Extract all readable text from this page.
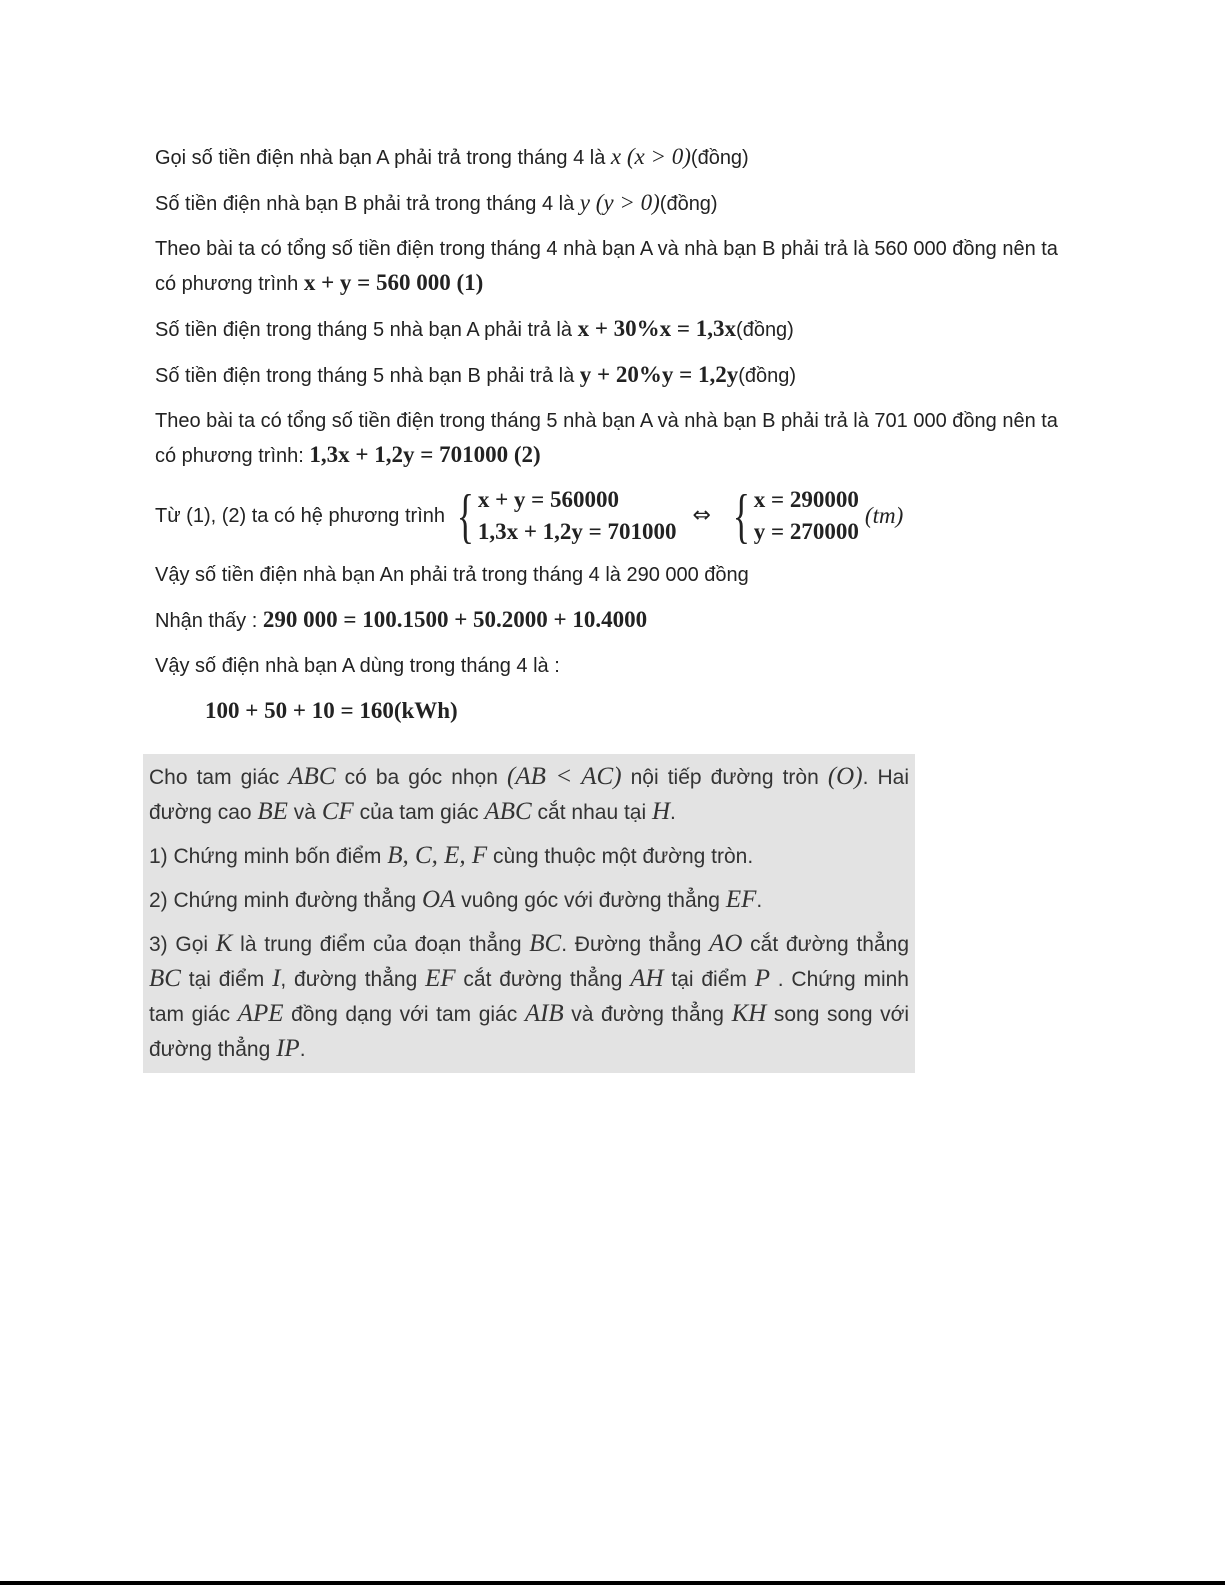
Gọi số tiền điện nhà bạn A phải trả trong tháng 4 là x (x > 0)(đồng)
Số tiền điện nhà bạn B phải trả trong tháng 4 là y (y > 0)(đồng)
Theo bài ta có tổng số tiền điện trong tháng 4 nhà bạn A và nhà bạn B phải trả là 560 000 đồng nên ta
có phương trình x + y = 560 000 (1)
Số tiền điện trong tháng 5 nhà bạn A phải trả là x + 30%x = 1,3x(đồng)
Số tiền điện trong tháng 5 nhà bạn B phải trả là y + 20%y = 1,2y(đồng)
Theo bài ta có tổng số tiền điện trong tháng 5 nhà bạn A và nhà bạn B phải trả là 701 000 đồng nên ta
có phương trình: 1,3x + 1,2y = 701000 (2)
Từ (1), (2) ta có hệ phương trình { x + y = 560000
1,3x + 1,2y = 701000
⇔ { x = 290000
y = 270000
(tm)
Vậy số tiền điện nhà bạn An phải trả trong tháng 4 là 290 000 đồng
Nhận thấy : 290 000 = 100.1500 + 50.2000 + 10.4000
Vậy số điện nhà bạn A dùng trong tháng 4 là :
100 + 50 + 10 = 160(kWh)

Cho tam giác ABC có ba góc nhọn (AB < AC) nội tiếp đường tròn (O). Hai đường cao BE và CF của tam giác ABC cắt nhau tại H.

1) Chứng minh bốn điểm B, C, E, F cùng thuộc một đường tròn.

2) Chứng minh đường thẳng OA vuông góc với đường thẳng EF.

3) Gọi K là trung điểm của đoạn thẳng BC. Đường thẳng AO cắt đường thẳng BC tại điểm I, đường thẳng EF cắt đường thẳng AH tại điểm P . Chứng minh tam giác APE đồng dạng với tam giác AIB và đường thẳng KH song song với đường thẳng IP.
